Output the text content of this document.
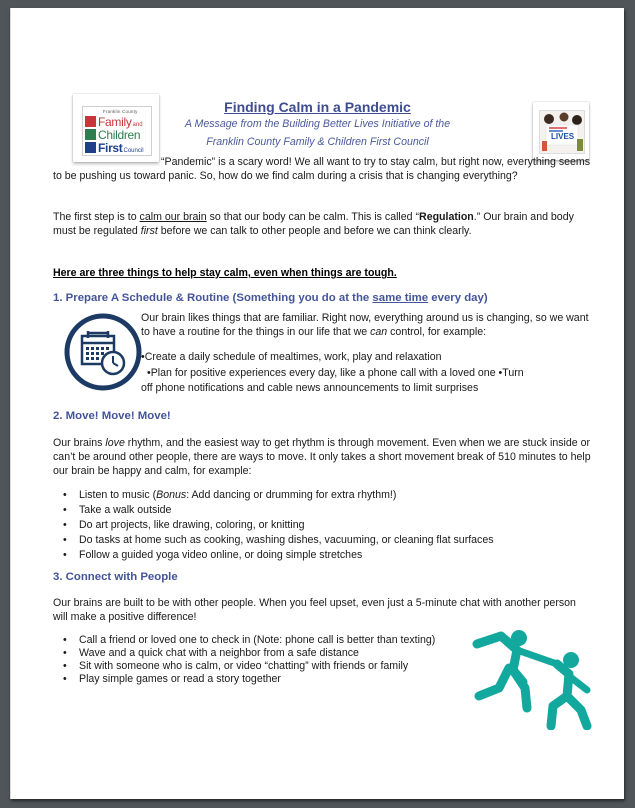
Franklin County
Family and
Children
First Council
LIVES
Finding Calm in a Pandemic
A Message from the Building Better Lives Initiative of the
Franklin County Family & Children First Council
“Pandemic” is a scary word! We all want to try to stay calm, but right now, everything seems to be pushing us toward panic. So, how do we find calm during a crisis that is changing everything?
The first step is to calm our brain so that our body can be calm. This is called “Regulation.” Our brain and body must be regulated first before we can talk to other people and before we can think clearly.
Here are three things to help stay calm, even when things are tough.
1. Prepare A Schedule & Routine (Something you do at the same time every day)
Our brain likes things that are familiar. Right now, everything around us is changing, so we want to have a routine for the things in our life that we can control, for example:
•Create a daily schedule of mealtimes, work, play and relaxation
•Plan for positive experiences every day, like a phone call with a loved one •Turn
off phone notifications and cable news announcements to limit surprises
2. Move! Move! Move!
Our brains love rhythm, and the easiest way to get rhythm is through movement. Even when we are stuck inside or can’t be around other people, there are ways to move. It only takes a short movement break of 510 minutes to help our brain be happy and calm, for example:
• Listen to music (Bonus: Add dancing or drumming for extra rhythm!)
• Take a walk outside
• Do art projects, like drawing, coloring, or knitting
• Do tasks at home such as cooking, washing dishes, vacuuming, or cleaning flat surfaces
• Follow a guided yoga video online, or doing simple stretches
3. Connect with People
Our brains are built to be with other people. When you feel upset, even just a 5-minute chat with another person will make a positive difference!
• Call a friend or loved one to check in (Note: phone call is better than texting)
• Wave and a quick chat with a neighbor from a safe distance
• Sit with someone who is calm, or video “chatting” with friends or family
• Play simple games or read a story together
